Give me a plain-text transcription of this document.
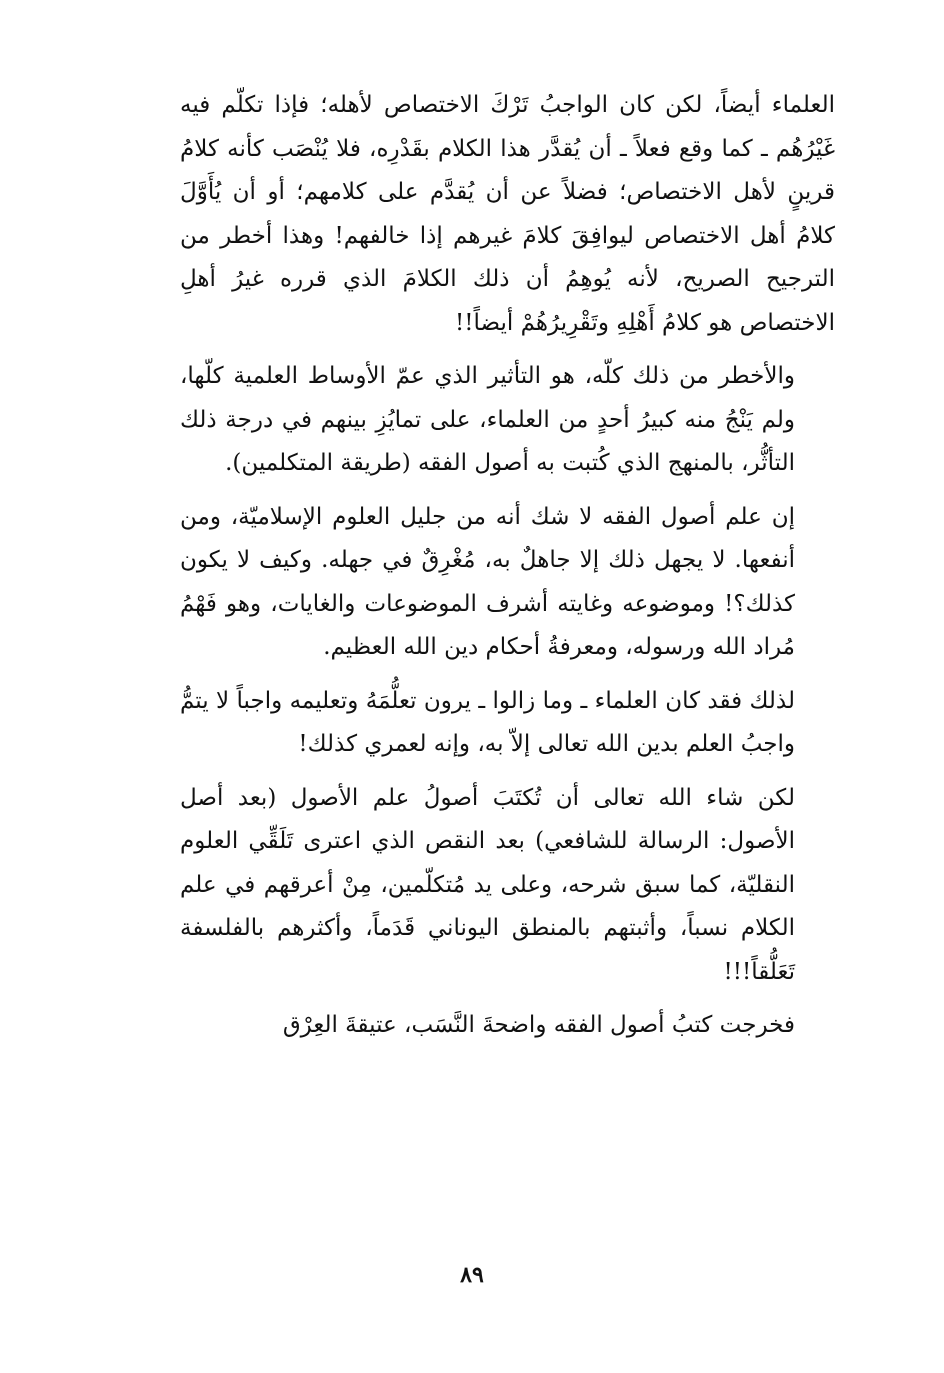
العلماء أيضاً، لكن كان الواجبُ تَرْكَ الاختصاص لأهله؛ فإذا تكلّم فيه غَيْرُهُم ـ كما وقع فعلاً ـ أن يُقدَّر هذا الكلام بقَدْرِه، فلا يُنْصَب كأنه كلامُ قرينٍ لأهل الاختصاص؛ فضلاً عن أن يُقدَّم على كلامهم؛ أو أن يُأَوَّلَ كلامُ أهل الاختصاص ليوافِقَ كلامَ غيرهم إذا خالفهم! وهذا أخطر من الترجيح الصريح، لأنه يُوهِمُ أن ذلك الكلامَ الذي قرره غيرُ أهلِ الاختصاص هو كلامُ أَهْلِهِ وتَقْرِيرُهُمْ أيضاً!!

والأخطر من ذلك كلّه، هو التأثير الذي عمّ الأوساط العلمية كلّها، ولم يَنْجُ منه كبيرُ أحدٍ من العلماء، على تمايُزِ بينهم في درجة ذلك التأثُّر، بالمنهج الذي كُتبت به أصول الفقه (طريقة المتكلمين).

إن علم أصول الفقه لا شك أنه من جليل العلوم الإسلاميّة، ومن أنفعها. لا يجهل ذلك إلا جاهلٌ به، مُغْرِقٌ في جهله. وكيف لا يكون كذلك؟! وموضوعه وغايته أشرف الموضوعات والغايات، وهو فَهْمُ مُراد الله ورسوله، ومعرفةُ أحكام دين الله العظيم.

لذلك فقد كان العلماء ـ وما زالوا ـ يرون تعلُّمَهُ وتعليمه واجباً لا يتمُّ واجبُ العلم بدين الله تعالى إلاّ به، وإنه لعمري كذلك!

لكن شاء الله تعالى أن تُكتَبَ أصولُ علم الأصول (بعد أصل الأصول: الرسالة للشافعي) بعد النقص الذي اعترى تَلَقِّي العلوم النقليّة، كما سبق شرحه، وعلى يد مُتكلّمين، مِنْ أعرقهم في علم الكلام نسباً، وأثبتهم بالمنطق اليوناني قَدَماً، وأكثرهم بالفلسفة تَعَلُّقاً!!!

فخرجت كتبُ أصول الفقه واضحةَ النَّسَب، عتيقةَ العِرْق

٨٩
